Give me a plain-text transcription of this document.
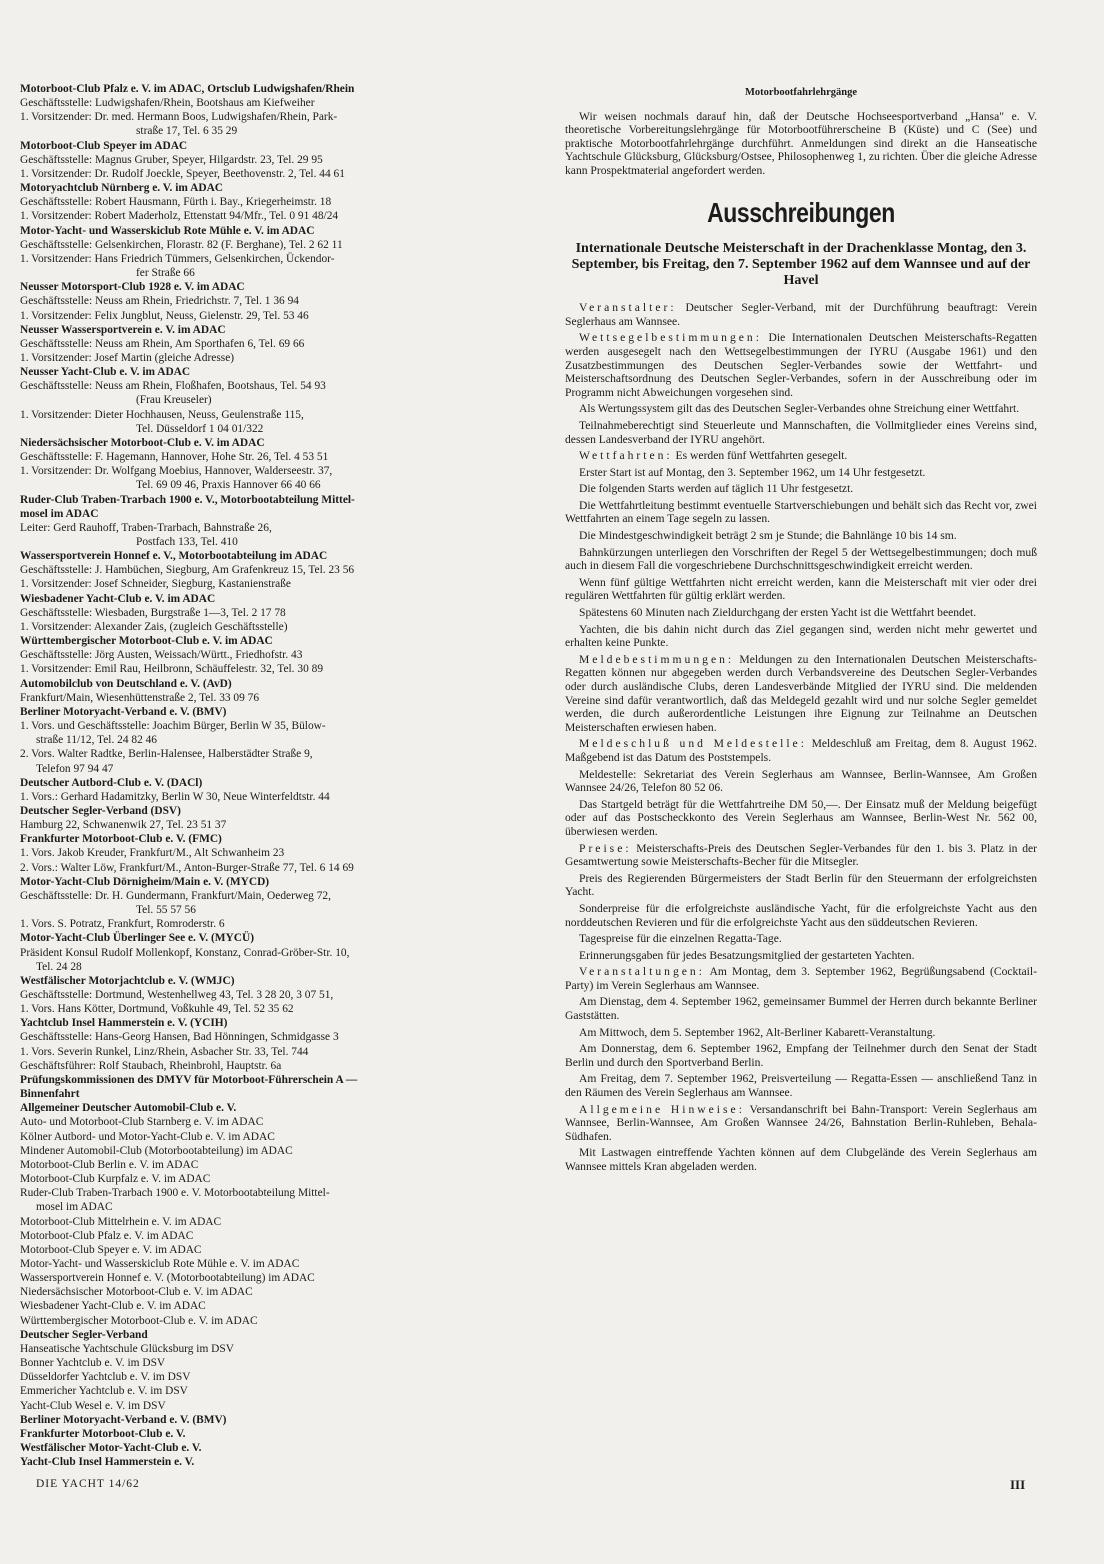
Motorboot-Club Pfalz e. V. im ADAC, Ortsclub Ludwigshafen/Rhein
Geschäftsstelle: Ludwigshafen/Rhein, Bootshaus am Kiefweiher
1. Vorsitzender: Dr. med. Hermann Boos, Ludwigshafen/Rhein, Park-
straße 17, Tel. 6 35 29
Motorboot-Club Speyer im ADAC
Geschäftsstelle: Magnus Gruber, Speyer, Hilgardstr. 23, Tel. 29 95
1. Vorsitzender: Dr. Rudolf Joeckle, Speyer, Beethovenstr. 2, Tel. 44 61
Motoryachtclub Nürnberg e. V. im ADAC
Geschäftsstelle: Robert Hausmann, Fürth i. Bay., Kriegerheimstr. 18
1. Vorsitzender: Robert Maderholz, Ettenstatt 94/Mfr., Tel. 0 91 48/24
Motor-Yacht- und Wasserskiclub Rote Mühle e. V. im ADAC
Geschäftsstelle: Gelsenkirchen, Florastr. 82 (F. Berghane), Tel. 2 62 11
1. Vorsitzender: Hans Friedrich Tümmers, Gelsenkirchen, Ückendor-
fer Straße 66
Neusser Motorsport-Club 1928 e. V. im ADAC
Geschäftsstelle: Neuss am Rhein, Friedrichstr. 7, Tel. 1 36 94
1. Vorsitzender: Felix Jungblut, Neuss, Gielenstr. 29, Tel. 53 46
Neusser Wassersportverein e. V. im ADAC
Geschäftsstelle: Neuss am Rhein, Am Sporthafen 6, Tel. 69 66
1. Vorsitzender: Josef Martin (gleiche Adresse)
Neusser Yacht-Club e. V. im ADAC
Geschäftsstelle: Neuss am Rhein, Floßhafen, Bootshaus, Tel. 54 93
(Frau Kreuseler)
1. Vorsitzender: Dieter Hochhausen, Neuss, Geulenstraße 115,
Tel. Düsseldorf 1 04 01/322
Niedersächsischer Motorboot-Club e. V. im ADAC
Geschäftsstelle: F. Hagemann, Hannover, Hohe Str. 26, Tel. 4 53 51
1. Vorsitzender: Dr. Wolfgang Moebius, Hannover, Walderseestr. 37,
Tel. 69 09 46, Praxis Hannover 66 40 66
Ruder-Club Traben-Trarbach 1900 e. V., Motorbootabteilung Mittel-
mosel im ADAC
Leiter: Gerd Rauhoff, Traben-Trarbach, Bahnstraße 26,
Postfach 133, Tel. 410
Wassersportverein Honnef e. V., Motorbootabteilung im ADAC
Geschäftsstelle: J. Hambüchen, Siegburg, Am Grafenkreuz 15, Tel. 23 56
1. Vorsitzender: Josef Schneider, Siegburg, Kastanienstraße
Wiesbadener Yacht-Club e. V. im ADAC
Geschäftsstelle: Wiesbaden, Burgstraße 1—3, Tel. 2 17 78
1. Vorsitzender: Alexander Zais, (zugleich Geschäftsstelle)
Württembergischer Motorboot-Club e. V. im ADAC
Geschäftsstelle: Jörg Austen, Weissach/Württ., Friedhofstr. 43
1. Vorsitzender: Emil Rau, Heilbronn, Schäuffelestr. 32, Tel. 30 89
Automobilclub von Deutschland e. V. (AvD)
Frankfurt/Main, Wiesenhüttenstraße 2, Tel. 33 09 76
Berliner Motoryacht-Verband e. V. (BMV)
1. Vors. und Geschäftsstelle: Joachim Bürger, Berlin W 35, Bülow-
straße 11/12, Tel. 24 82 46
2. Vors. Walter Radtke, Berlin-Halensee, Halberstädter Straße 9,
Telefon 97 94 47
Deutscher Autbord-Club e. V. (DACl)
1. Vors.: Gerhard Hadamitzky, Berlin W 30, Neue Winterfeldtstr. 44
Deutscher Segler-Verband (DSV)
Hamburg 22, Schwanenwik 27, Tel. 23 51 37
Frankfurter Motorboot-Club e. V. (FMC)
1. Vors. Jakob Kreuder, Frankfurt/M., Alt Schwanheim 23
2. Vors.: Walter Löw, Frankfurt/M., Anton-Burger-Straße 77, Tel. 6 14 69
Motor-Yacht-Club Dörnigheim/Main e. V. (MYCD)
Geschäftsstelle: Dr. H. Gundermann, Frankfurt/Main, Oederweg 72,
Tel. 55 57 56
1. Vors. S. Potratz, Frankfurt, Romroderstr. 6
Motor-Yacht-Club Überlinger See e. V. (MYCÜ)
Präsident Konsul Rudolf Mollenkopf, Konstanz, Conrad-Gröber-Str. 10,
Tel. 24 28
Westfälischer Motorjachtclub e. V. (WMJC)
Geschäftsstelle: Dortmund, Westenhellweg 43, Tel. 3 28 20, 3 07 51,
1. Vors. Hans Kötter, Dortmund, Voßkuhle 49, Tel. 52 35 62
Yachtclub Insel Hammerstein e. V. (YCIH)
Geschäftsstelle: Hans-Georg Hansen, Bad Hönningen, Schmidgasse 3
1. Vors. Severin Runkel, Linz/Rhein, Asbacher Str. 33, Tel. 744
Geschäftsführer: Rolf Staubach, Rheinbrohl, Hauptstr. 6a
Prüfungskommissionen des DMYV für Motorboot-Führerschein A —
Binnenfahrt
Allgemeiner Deutscher Automobil-Club e. V.
Auto- und Motorboot-Club Starnberg e. V. im ADAC
Kölner Autbord- und Motor-Yacht-Club e. V. im ADAC
Mindener Automobil-Club (Motorbootabteilung) im ADAC
Motorboot-Club Berlin e. V. im ADAC
Motorboot-Club Kurpfalz e. V. im ADAC
Ruder-Club Traben-Trarbach 1900 e. V. Motorbootabteilung Mittel-
mosel im ADAC
Motorboot-Club Mittelrhein e. V. im ADAC
Motorboot-Club Pfalz e. V. im ADAC
Motorboot-Club Speyer e. V. im ADAC
Motor-Yacht- und Wasserskiclub Rote Mühle e. V. im ADAC
Wassersportverein Honnef e. V. (Motorbootabteilung) im ADAC
Niedersächsischer Motorboot-Club e. V. im ADAC
Wiesbadener Yacht-Club e. V. im ADAC
Württembergischer Motorboot-Club e. V. im ADAC
Deutscher Segler-Verband
Hanseatische Yachtschule Glücksburg im DSV
Bonner Yachtclub e. V. im DSV
Düsseldorfer Yachtclub e. V. im DSV
Emmericher Yachtclub e. V. im DSV
Yacht-Club Wesel e. V. im DSV
Berliner Motoryacht-Verband e. V. (BMV)
Frankfurter Motorboot-Club e. V.
Westfälischer Motor-Yacht-Club e. V.
Yacht-Club Insel Hammerstein e. V.
Motorbootfahrlehrgänge
Wir weisen nochmals darauf hin, daß der Deutsche Hochseesportverband „Hansa" e. V. theoretische Vorbereitungslehrgänge für Motorbootführerscheine B (Küste) und C (See) und praktische Motorbootfahrlehrgänge durchführt. Anmeldungen sind direkt an die Hanseatische Yachtschule Glücksburg, Glücksburg/Ostsee, Philosophenweg 1, zu richten. Über die gleiche Adresse kann Prospektmaterial angefordert werden.
Ausschreibungen
Internationale Deutsche Meisterschaft in der Drachenklasse Montag, den 3. September, bis Freitag, den 7. September 1962 auf dem Wannsee und auf der Havel
Veranstalter: Deutscher Segler-Verband, mit der Durchführung beauftragt: Verein Seglerhaus am Wannsee.
Wettsegelbestimmungen: Die Internationalen Deutschen Meisterschafts-Regatten werden ausgesegelt nach den Wettsegelbestimmungen der IYRU (Ausgabe 1961) und den Zusatzbestimmungen des Deutschen Segler-Verbandes sowie der Wettfahrt- und Meisterschaftsordnung des Deutschen Segler-Verbandes, sofern in der Ausschreibung oder im Programm nicht Abweichungen vorgesehen sind.
Als Wertungssystem gilt das des Deutschen Segler-Verbandes ohne Streichung einer Wettfahrt.
Teilnahmeberechtigt sind Steuerleute und Mannschaften, die Vollmitglieder eines Vereins sind, dessen Landesverband der IYRU angehört.
Wettfahrten: Es werden fünf Wettfahrten gesegelt.
Erster Start ist auf Montag, den 3. September 1962, um 14 Uhr festgesetzt.
Die folgenden Starts werden auf täglich 11 Uhr festgesetzt.
Die Wettfahrtleitung bestimmt eventuelle Startverschiebungen und behält sich das Recht vor, zwei Wettfahrten an einem Tage segeln zu lassen.
Die Mindestgeschwindigkeit beträgt 2 sm je Stunde; die Bahnlänge 10 bis 14 sm.
Bahnkürzungen unterliegen den Vorschriften der Regel 5 der Wettsegelbestimmungen; doch muß auch in diesem Fall die vorgeschriebene Durchschnittsgeschwindigkeit erreicht werden.
Wenn fünf gültige Wettfahrten nicht erreicht werden, kann die Meisterschaft mit vier oder drei regulären Wettfahrten für gültig erklärt werden.
Spätestens 60 Minuten nach Zieldurchgang der ersten Yacht ist die Wettfahrt beendet.
Yachten, die bis dahin nicht durch das Ziel gegangen sind, werden nicht mehr gewertet und erhalten keine Punkte.
Meldebestimmungen: Meldungen zu den Internationalen Deutschen Meisterschafts-Regatten können nur abgegeben werden durch Verbandsvereine des Deutschen Segler-Verbandes oder durch ausländische Clubs, deren Landesverbände Mitglied der IYRU sind. Die meldenden Vereine sind dafür verantwortlich, daß das Meldegeld gezahlt wird und nur solche Segler gemeldet werden, die durch außerordentliche Leistungen ihre Eignung zur Teilnahme an Deutschen Meisterschaften erwiesen haben.
Meldeschluß und Meldestelle: Meldeschluß am Freitag, dem 8. August 1962. Maßgebend ist das Datum des Poststempels.
Meldestelle: Sekretariat des Verein Seglerhaus am Wannsee, Berlin-Wannsee, Am Großen Wannsee 24/26, Telefon 80 52 06.
Das Startgeld beträgt für die Wettfahrtreihe DM 50,—. Der Einsatz muß der Meldung beigefügt oder auf das Postscheckkonto des Verein Seglerhaus am Wannsee, Berlin-West Nr. 562 00, überwiesen werden.
Preise: Meisterschafts-Preis des Deutschen Segler-Verbandes für den 1. bis 3. Platz in der Gesamtwertung sowie Meisterschafts-Becher für die Mitsegler.
Preis des Regierenden Bürgermeisters der Stadt Berlin für den Steuermann der erfolgreichsten Yacht.
Sonderpreise für die erfolgreichste ausländische Yacht, für die erfolgreichste Yacht aus den norddeutschen Revieren und für die erfolgreichste Yacht aus den süddeutschen Revieren.
Tagespreise für die einzelnen Regatta-Tage.
Erinnerungsgaben für jedes Besatzungsmitglied der gestarteten Yachten.
Veranstaltungen: Am Montag, dem 3. September 1962, Begrüßungsabend (Cocktail-Party) im Verein Seglerhaus am Wannsee.
Am Dienstag, dem 4. September 1962, gemeinsamer Bummel der Herren durch bekannte Berliner Gaststätten.
Am Mittwoch, dem 5. September 1962, Alt-Berliner Kabarett-Veranstaltung.
Am Donnerstag, dem 6. September 1962, Empfang der Teilnehmer durch den Senat der Stadt Berlin und durch den Sportverband Berlin.
Am Freitag, dem 7. September 1962, Preisverteilung — Regatta-Essen — anschließend Tanz in den Räumen des Verein Seglerhaus am Wannsee.
Allgemeine Hinweise: Versandanschrift bei Bahn-Transport: Verein Seglerhaus am Wannsee, Berlin-Wannsee, Am Großen Wannsee 24/26, Bahnstation Berlin-Ruhleben, Behala-Südhafen.
Mit Lastwagen eintreffende Yachten können auf dem Clubgelände des Verein Seglerhaus am Wannsee mittels Kran abgeladen werden.
DIE YACHT 14/62	III
